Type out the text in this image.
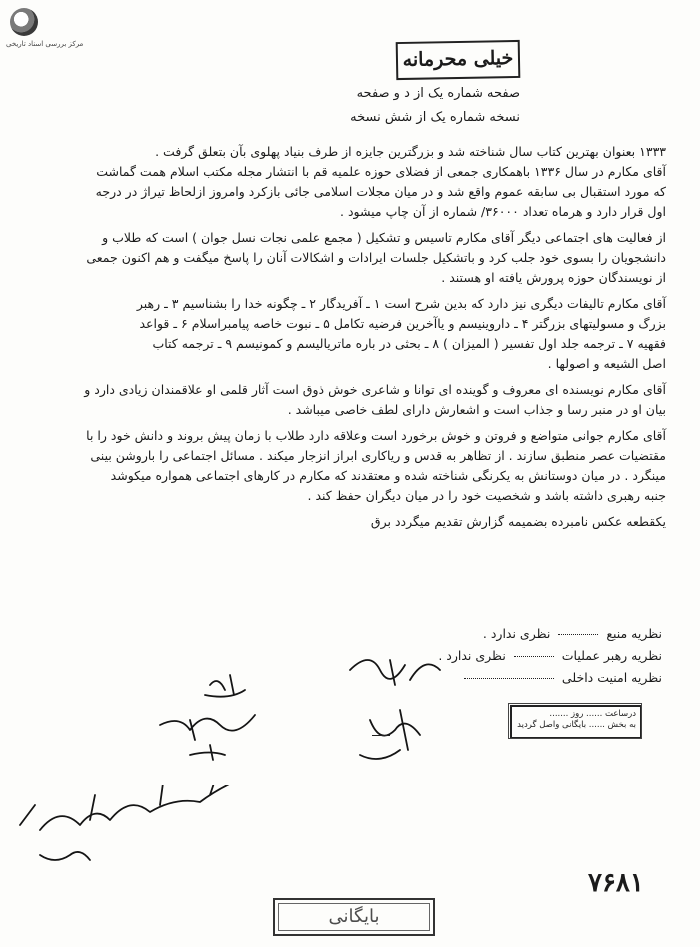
مرکز بررسی اسناد تاریخی
خیلی محرمانه
صفحه شماره یک از د و صفحه
نسخه شماره یک از شش نسخه

۱۳۳۳ بعنوان بهترین کتاب سال شناخته شد و بزرگترین جایزه از طرف بنیاد پهلوی بآن بتعلق گرفت .
آقای مکارم در سال ۱۳۳۶ باهمکاری جمعی از فضلای حوزه علمیه قم با انتشار مجله مکتب اسلام همت گماشت
که مورد استقبال بی سابقه عموم واقع شد و در میان مجلات اسلامی جائی بازکرد وامروز ازلحاظ تیراژ در درجه
اول قرار دارد و هرماه تعداد ۳۶۰۰۰/ شماره از آن چاپ میشود .

از فعالیت های اجتماعی دیگر آقای مکارم تاسیس و تشکیل ( مجمع علمی نجات نسل جوان ) است که طلاب و
دانشجویان را بسوی خود جلب کرد و باتشکیل جلسات ایرادات و اشکالات آنان را پاسخ میگفت و هم اکنون جمعی
از نویسندگان حوزه پرورش یافته او هستند .

آقای مکارم تالیفات دیگری نیز دارد که بدین شرح است ۱ ـ آفریدگار ۲ ـ چگونه خدا را بشناسیم ۳ ـ رهبر
بزرگ و مسولیتهای بزرگتر ۴ ـ داروینیسم و یاآخرین فرضیه تکامل ۵ ـ نبوت خاصه پیامبراسلام ۶ ـ قواعد
فقهیه ۷ ـ ترجمه جلد اول تفسیر ( المیزان ) ۸ ـ بحثی در باره ماتریالیسم و کمونیسم ۹ ـ ترجمه کتاب
اصل الشیعه و اصولها .

آقای مکارم نویسنده ای معروف و گوینده ای توانا و شاعری خوش ذوق است آثار قلمی او علاقمندان زیادی دارد و
بیان او در منبر رسا و جذاب است و اشعارش دارای لطف خاصی میباشد .

آقای مکارم جوانی متواضع و فروتن و خوش برخورد است وعلاقه دارد طلاب با زمان پیش بروند و دانش خود را با
مقتضیات عصر منطبق سازند . از تظاهر به قدس و ریاکاری ابراز انزجار میکند . مسائل اجتماعی را باروشن بینی
مینگرد . در میان دوستانش به یکرنگی شناخته شده و معتقدند که مکارم در کارهای اجتماعی همواره میکوشد
جنبه رهبری داشته باشد و شخصیت خود را در میان دیگران حفظ کند .

یکقطعه عکس نامبرده بضمیمه گزارش تقدیم میگردد برق

نظریه منبع  نظری ندارد .
نظریه رهبر عملیات  نظری ندارد .
نظریه امنیت داخلی
درساعت ...... روز .......
به بخش ...... بایگانی واصل گردید
۷۶۸۱
بایگانی
